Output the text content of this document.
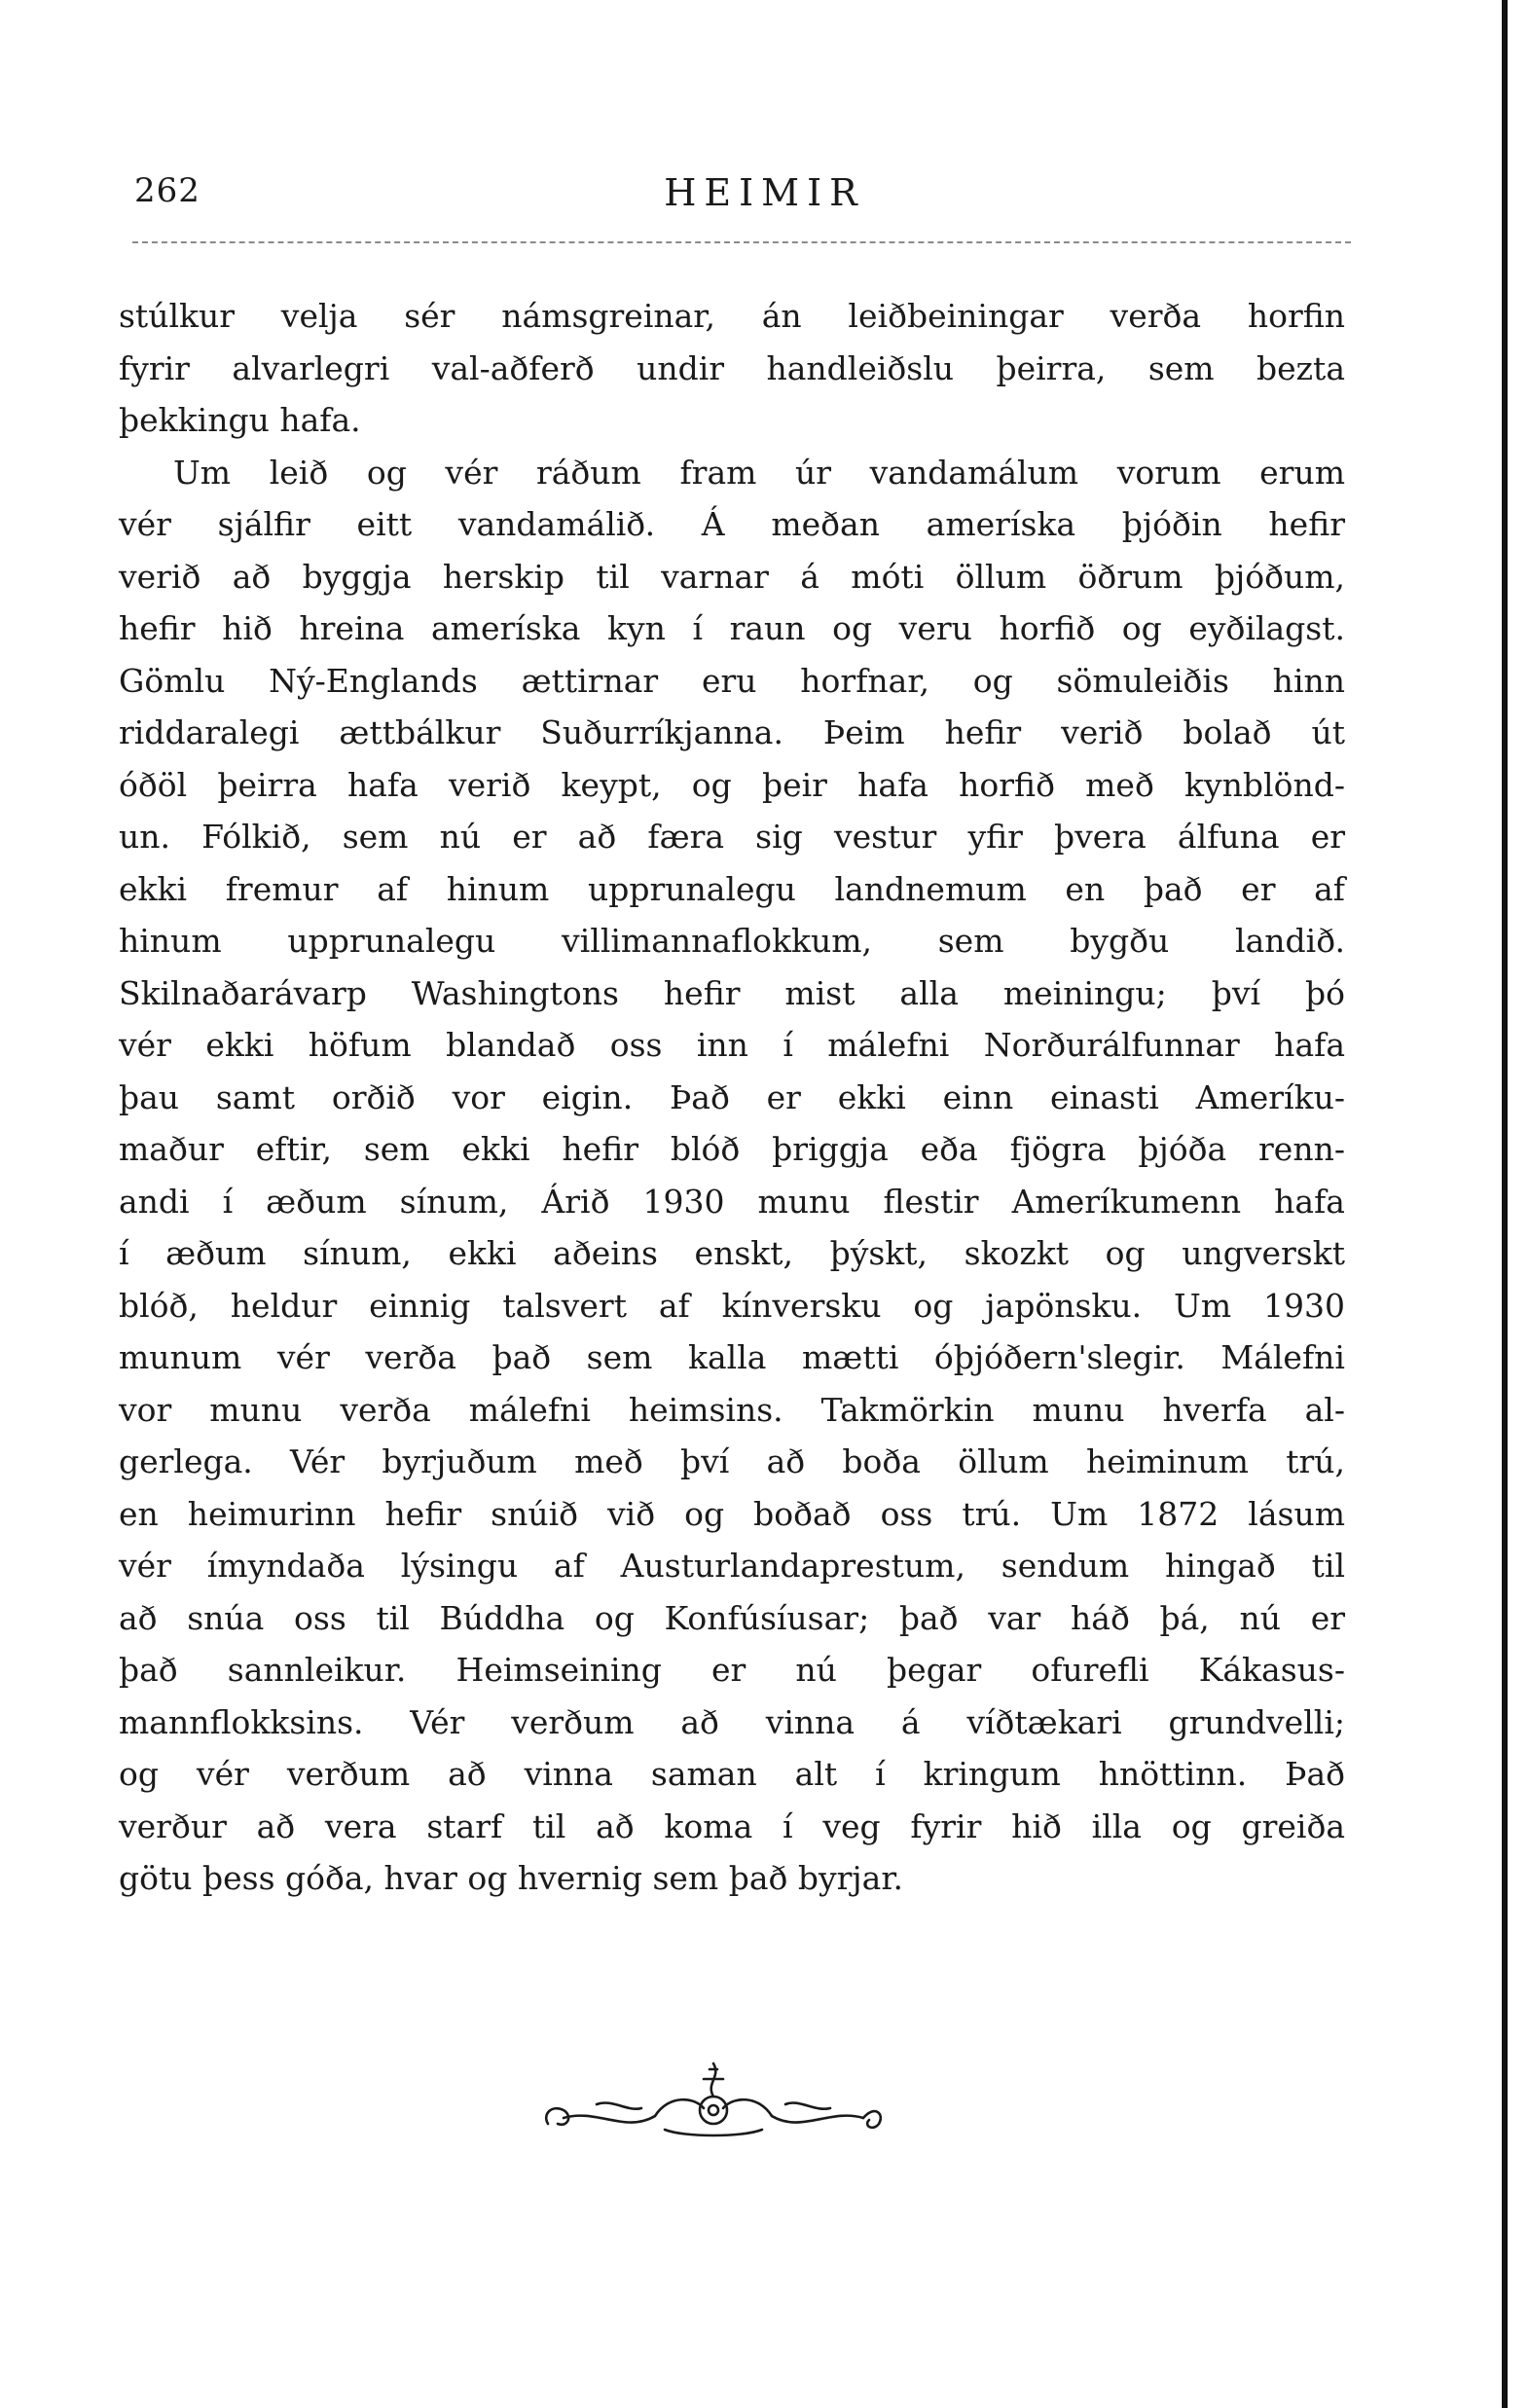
262	HEIMIR
stúlkur velja sér námsgreinar, án leiðbeiningar verða horfin
fyrir alvarlegri val-aðferð undir handleiðslu þeirra, sem bezta
þekkingu hafa.
Um leið og vér ráðum fram úr vandamálum vorum erum
vér sjálfir eitt vandamálið. Á meðan ameríska þjóðin hefir
verið að byggja herskip til varnar á móti öllum öðrum þjóðum,
hefir hið hreina ameríska kyn í raun og veru horfið og eyðilagst.
Gömlu Ný-Englands ættirnar eru horfnar, og sömuleiðis hinn
riddaralegi ættbálkur Suðurríkjanna. Þeim hefir verið bolað út
óðöl þeirra hafa verið keypt, og þeir hafa horfið með kynblönd-
un. Fólkið, sem nú er að færa sig vestur yfir þvera álfuna er
ekki fremur af hinum upprunalegu landnemum en það er af
hinum upprunalegu villimannaflokkum, sem bygðu landið.
Skilnaðarávarp Washingtons hefir mist alla meiningu; því þó
vér ekki höfum blandað oss inn í málefni Norðurálfunnar hafa
þau samt orðið vor eigin. Það er ekki einn einasti Ameríku-
maður eftir, sem ekki hefir blóð þriggja eða fjögra þjóða renn-
andi í æðum sínum, Árið 1930 munu flestir Ameríkumenn hafa
í æðum sínum, ekki aðeins enskt, þýskt, skozkt og ungverskt
blóð, heldur einnig talsvert af kínversku og japönsku. Um 1930
munum vér verða það sem kalla mætti óþjóðern'slegir. Málefni
vor munu verða málefni heimsins. Takmörkin munu hverfa al-
gerlega. Vér byrjuðum með því að boða öllum heiminum trú,
en heimurinn hefir snúið við og boðað oss trú. Um 1872 lásum
vér ímyndaða lýsingu af Austurlandaprestum, sendum hingað til
að snúa oss til Búddha og Konfúsíusar; það var háð þá, nú er
það sannleikur. Heimseining er nú þegar ofurefli Kákasus-
mannflokksins. Vér verðum að vinna á víðtækari grundvelli;
og vér verðum að vinna saman alt í kringum hnöttinn. Það
verður að vera starf til að koma í veg fyrir hið illa og greiða
götu þess góða, hvar og hvernig sem það byrjar.
